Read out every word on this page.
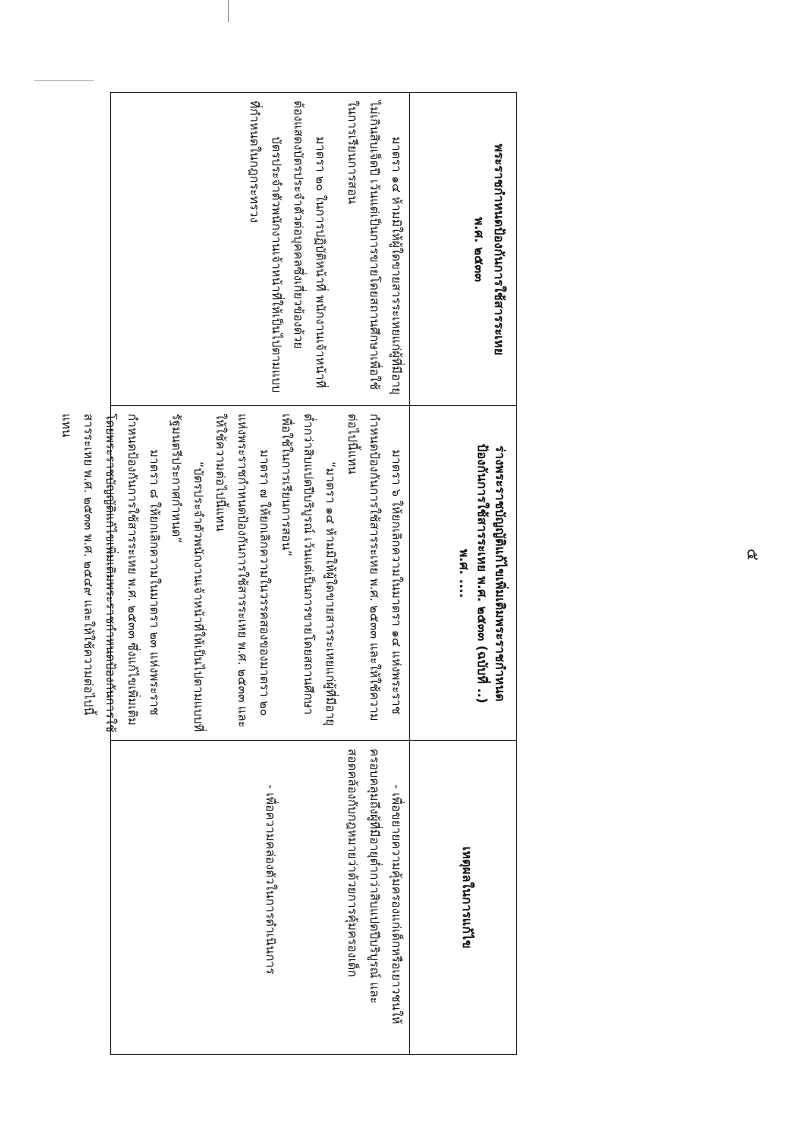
๕
มาตรา ๑๔ ห้ามมิให้ผู้ใดขายสารระเหยแก่ผู้ที่มีอายุไม่เกินสิบเจ็ดปี เว้นแต่เป็นการขายโดยสถานศึกษาเพื่อใช้ในการเรียนการสอน
มาตรา ๒๐ ในการปฏิบัติหน้าที่ พนักงานเจ้าหน้าที่ต้องแสดงบัตรประจำตัวต่อบุคคลซึ่งเกี่ยวข้องด้วย
บัตรประจำตัวพนักงานเจ้าหน้าที่ให้เป็นไปตามแบบที่กำหนดในกฎกระทรวง	พระราชกำหนดป้องกันการใช้สารระเหย
พ.ศ. ๒๕๓๓
มาตรา ๖ ให้ยกเลิกความในมาตรา ๑๔ แห่งพระราชกำหนดป้องกันการใช้สารระเหย พ.ศ. ๒๕๓๓ และให้ใช้ความต่อไปนี้แทน
“มาตรา ๑๔ ห้ามมิให้ผู้ใดขายสารระเหยแก่ผู้ที่มีอายุต่ำกว่าสิบแปดปีบริบูรณ์ เว้นแต่เป็นการขายโดยสถานศึกษาเพื่อใช้ในการเรียนการสอน”
มาตรา ๗ ให้ยกเลิกความในวรรคสองของมาตรา ๒๐ แห่งพระราชกำหนดป้องกันการใช้สารระเหย พ.ศ. ๒๕๓๓ และให้ใช้ความต่อไปนี้แทน
“บัตรประจำตัวพนักงานเจ้าหน้าที่ให้เป็นไปตามแบบที่รัฐมนตรีประกาศกำหนด”
มาตรา ๘ ให้ยกเลิกความในมาตรา ๒๓ แห่งพระราชกำหนดป้องกันการใช้สารระเหย พ.ศ. ๒๕๓๓ ซึ่งแก้ไขเพิ่มเติมโดยพระราชบัญญัติแก้ไขเพิ่มเติมพระราชกำหนดป้องกันการใช้สารระเหย พ.ศ. ๒๕๓๓ พ.ศ. ๒๕๔๙ และให้ใช้ความต่อไปนี้แทน
ร่างพระราชบัญญัติแก้ไขเพิ่มเติมพระราชกำหนด
ป้องกันการใช้สารระเหย พ.ศ. ๒๕๓๓ (ฉบับที่ ..)
พ.ศ. ....
- เพื่อขยายความคุ้มครองแก่เด็กหรือเยาวชนให้ครอบคลุมถึงผู้ที่มีอายุต่ำกว่าสิบแปดปีบริบูรณ์ และสอดคล้องกับกฎหมายว่าด้วยการคุ้มครองเด็ก
- เพื่อความคล่องตัวในการดำเนินการ	เหตุผลในการแก้ไข
